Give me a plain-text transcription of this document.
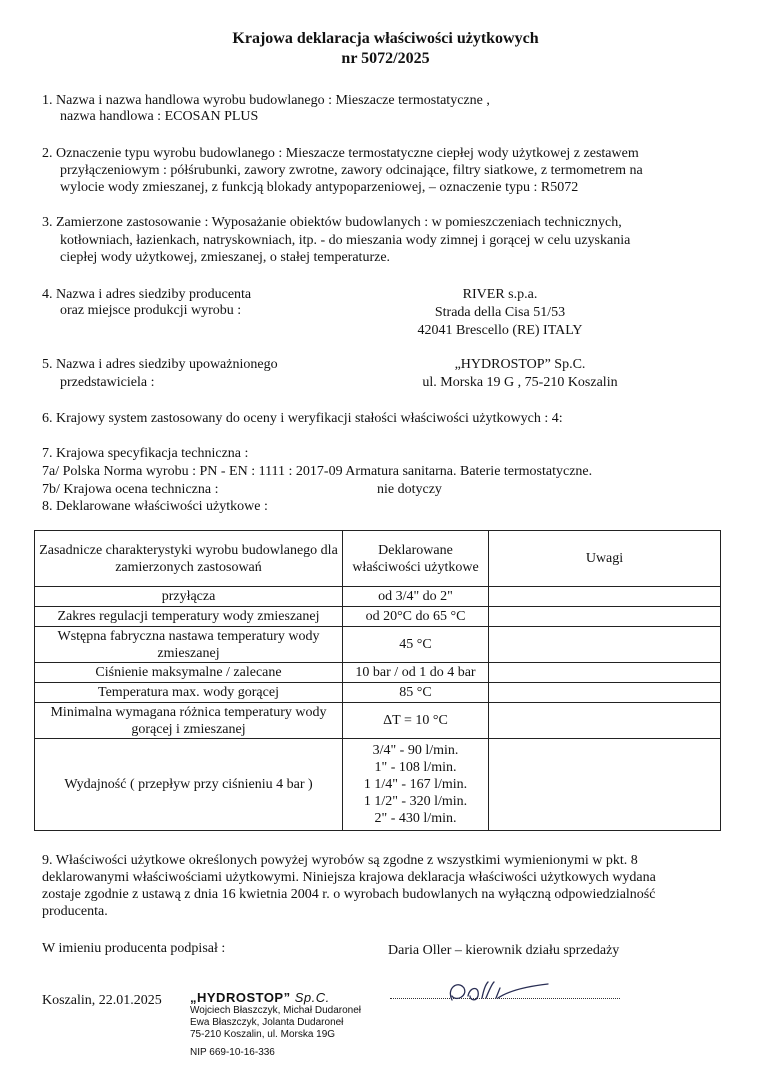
Krajowa deklaracja właściwości użytkowych
nr 5072/2025
1. Nazwa i nazwa handlowa wyrobu budowlanego : Mieszacze termostatyczne ,
nazwa handlowa : ECOSAN PLUS
2. Oznaczenie typu wyrobu budowlanego : Mieszacze termostatyczne ciepłej wody użytkowej z zestawem
przyłączeniowym : półśrubunki, zawory zwrotne, zawory odcinające, filtry siatkowe, z termometrem na
wylocie wody zmieszanej, z funkcją blokady antypoparzeniowej, – oznaczenie typu : R5072
3. Zamierzone zastosowanie : Wyposażanie obiektów budowlanych : w pomieszczeniach technicznych,
kotłowniach, łazienkach, natryskowniach, itp. - do mieszania wody zimnej i gorącej w celu uzyskania
ciepłej wody użytkowej, zmieszanej, o stałej temperaturze.
4. Nazwa i adres siedziby producenta
oraz miejsce produkcji wyrobu :
RIVER s.p.a.
Strada della Cisa 51/53
42041 Brescello (RE) ITALY
5. Nazwa i adres siedziby upoważnionego
przedstawiciela :
„HYDROSTOP” Sp.C.
ul. Morska 19 G , 75-210 Koszalin
6. Krajowy system zastosowany do oceny i weryfikacji stałości właściwości użytkowych : 4:
7. Krajowa specyfikacja techniczna :
7a/ Polska Norma wyrobu : PN - EN : 1111 : 2017-09 Armatura sanitarna. Baterie termostatyczne.
7b/ Krajowa ocena techniczna :	nie dotyczy
8. Deklarowane właściwości użytkowe :
Zasadnicze charakterystyki wyrobu budowlanego dla zamierzonych zastosowań	Deklarowane właściwości użytkowe	Uwagi
przyłącza	od 3/4" do 2"	
Zakres regulacji temperatury wody zmieszanej	od 20°C do 65 °C	
Wstępna fabryczna nastawa temperatury wody zmieszanej	45 °C	
Ciśnienie maksymalne / zalecane	10 bar / od 1 do 4 bar	
Temperatura max. wody gorącej	85 °C	
Minimalna wymagana różnica temperatury wody gorącej i zmieszanej	ΔT = 10 °C	
Wydajność ( przepływ przy ciśnieniu 4 bar )	3/4" - 90 l/min.
1" - 108 l/min.
1 1/4" - 167 l/min.
1 1/2" - 320 l/min.
2" - 430 l/min.	

9. Właściwości użytkowe określonych powyżej wyrobów są zgodne z wszystkimi wymienionymi w pkt. 8
deklarowanymi właściwościami użytkowymi. Niniejsza krajowa deklaracja właściwości użytkowych wydana
zostaje zgodnie z ustawą z dnia 16 kwietnia 2004 r. o wyrobach budowlanych na wyłączną odpowiedzialność
producenta.
W imieniu producenta podpisał :	Daria Oller – kierownik działu sprzedaży
Koszalin, 22.01.2025 „HYDROSTOP” Sp.C.
Wojciech Błaszczyk, Michał Dudaroneł
Ewa Błaszczyk, Jolanta Dudaroneł
75-210 Koszalin, ul. Morska 19G
NIP 669-10-16-336
